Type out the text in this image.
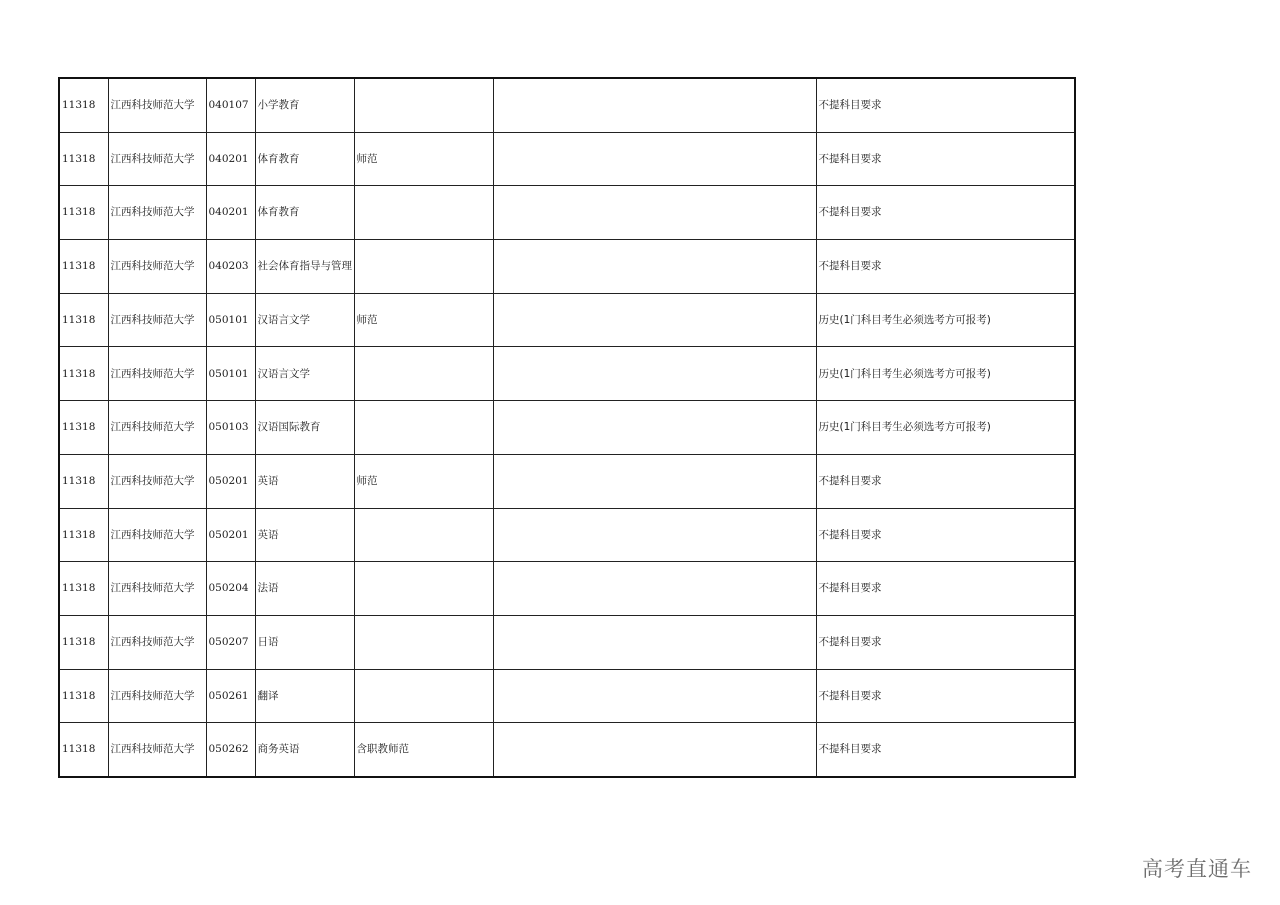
11318	江西科技师范大学	040107	小学教育			不提科目要求
11318	江西科技师范大学	040201	体育教育	师范		不提科目要求
11318	江西科技师范大学	040201	体育教育			不提科目要求
11318	江西科技师范大学	040203	社会体育指导与管理			不提科目要求
11318	江西科技师范大学	050101	汉语言文学	师范		历史(1门科目考生必须选考方可报考)
11318	江西科技师范大学	050101	汉语言文学			历史(1门科目考生必须选考方可报考)
11318	江西科技师范大学	050103	汉语国际教育			历史(1门科目考生必须选考方可报考)
11318	江西科技师范大学	050201	英语	师范		不提科目要求
11318	江西科技师范大学	050201	英语			不提科目要求
11318	江西科技师范大学	050204	法语			不提科目要求
11318	江西科技师范大学	050207	日语			不提科目要求
11318	江西科技师范大学	050261	翻译			不提科目要求
11318	江西科技师范大学	050262	商务英语	含职教师范		不提科目要求
高考直通车
